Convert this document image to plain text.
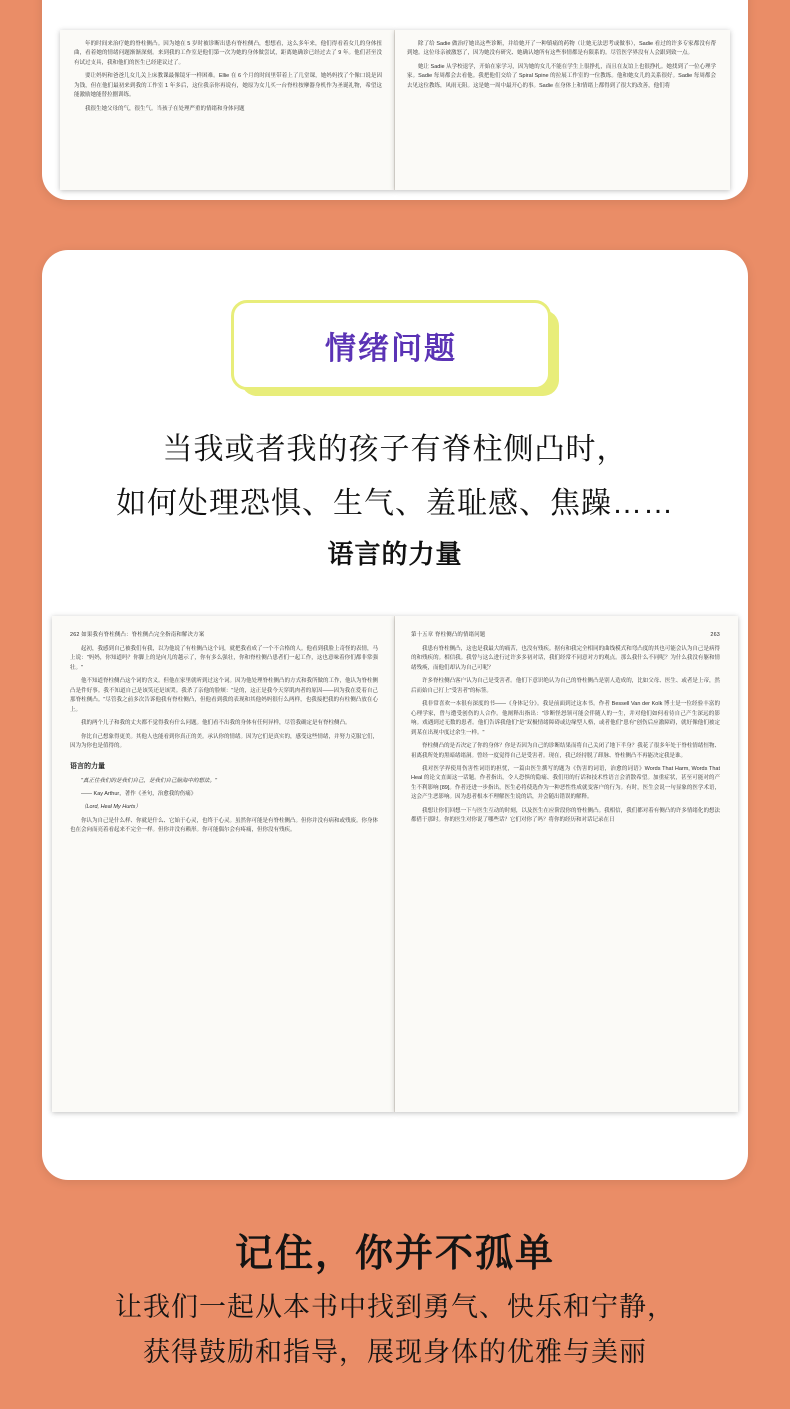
年的时间来治疗她的脊柱侧凸。因为她在 5 岁时被诊断出患有脊柱侧凸，想想看，这么多年来，他们得看着女儿的身体扭曲，看着她的情绪问题渐渐深刻。来到我的工作室是他们第一次为她的身体做尝试，距离她确诊已经过去了 9 年。他们甚至没有试过支具，我和他们的医生已经建议过了。

要让妈妈和爸爸儿女儿关上床教课最像镜牙一样困难。Ellie 在 6 个月的时间里带着上了几堂课，她妈妈找了个像口说是因为钱，但在他们最初来到我的工作室 1 年多后，这位我亲你再说有，她原为女儿买一台脊柱按摩器身机作为圣诞礼物，希望这能激励她能替拉捌训练。

我很生她父母的气，很生气。当孩子在处理严重的情绪和身体问题

除了给 Sadie 做治疗她出这些诊断，并给她开了一种镇痛的药物（让她无法思考或做事），Sadie 看过的许多专家都没有帮到她。这位母亲被激怒了，因为她没有研究、她确认她所有这些事情都是有限系的。尽管医学界没有人会跟到致一点。

她让 Sadie 从学校退学，开始在家学习，因为她的女儿不能在学生上很挣扎，而且在友谊上也很挣扎。她找到了一位心理学家。Sadie 每周都会去看他。我把他们交给了 Spiral Spine 的拉展工作室的一位教练。他和她女儿的关系很好。Sadie 每周都会去见这位教练，风雨无阻。这是她一周中最开心的事。Sadie 在身体上和情绪上都得到了很大的改善，他们将

情绪问题
当我或者我的孩子有脊柱侧凸时，
如何处理恐惧、生气、羞耻感、焦躁……
语言的力量
262 如果我有脊柱侧凸：脊柱侧凸完全指南和解决方案

起初，我感到自己被我们有我，以为他说了有柱侧凸这个词，就把我看成了一个不合格的人。他看到我脸上奇怪的表情，马上说："妈妈，你知道吗？你脚上的是向儿的越示了，你有多么强壮，你和脊柱侧凸患者们一起工作，这也意味着你们都非常强壮。"

他不知道脊柱侧凸这个词的含义。但他在家里就听到过这个词。因为他处理脊柱侧凸的方式和我所做的工作，他认为脊柱侧凸是件好事。我不知道自己是该笑还是该哭。我杀了亲他的脸颊："是的，这正是我今天穿肌肉者的原因——因为我在爱着自己那脊柱侧凸。"尽管我之前多次告诉他我有脊柱侧凸，但他看到我的表现和其他妈妈很行么两样，也我接把我的有柱侧凸放在心上。

我的两个儿子和我的丈夫都不觉得我有什么问题。他们看不出我的身体有任何异样，尽管我确定是有脊柱侧凸。

你比自己想象得更美。其他人也能看到你真正的美。承认你的情绪。因为它们是真实的，感受这些情绪，并努力克服它们，因为为你也是值得的。

语言的力量

"真正住我们的是我们自己，是我们自己脑海中的想法。"

—— Kay Arthur，著作《圣句，治愈我的伤痛》

（Lord, Heal My Hurts）

你认为自己是什么样、你就是什么、它始于心灵，也终于心灵。虽然你可能是有脊柱侧凸。但你并没有病和或残废。你身体也在会向而亮着看起来不完全一样。但你并没有赖形。你可能偶尔会有疼痛，但你没有残疾。

第十五章 脊柱侧凸的情绪问题	263

我患有脊柱侧凸，这也是我最大的痛苦，也没有残疾。据有和我完全相同的曲线模式和弯凸度的其也可能会认为自己是病得的和残疾的。相信我。我曾与这么进行过许多多初对话，我们经常不同意对方的观点。那么我什么不同呢？为什么我没有躯和情绪残痪，而他们却认为自己可呢？

许多脊柱侧凸客户认为自己是受害者。他们下意识绝认为自己的脊柱侧凸是别人造成的，比如父母、医生、或者是上帝，然后而始自己打上"受害者"的标签。

我非常喜欢一本很有深度的书——《身体记分》。我是前面到过这本书。作者 Bessell Van der Kolk 博士是一位经验丰富的心理学家，曾与遭受创伤的人合作。他阐释出指出："诊断怪怒领可能会伴随人的一生，并对他们如何看待自己产生深远的影响。戏遇到过无数的患者。他们告诉我他们"是"双极情绪障碍或边缘型人格，或者他们"患有"创伤后应激障碍，就好像他们被定到某在出现中度过余生一样。"

脊柱侧凸的是否决定了你的身体？你是否因为自己的诊断结果而将自己关闭了地下半身？我花了很多年处于脊柱情绪恒物、祖离我所处的黑暗绪绪洞。曾经一度觉得自己是受害者。现在，我已经持脱了卸脉、脊柱侧凸不再能决定我是谁。

我对医学界使用伤害性词语的担忧，一篇由医生撰写的题为《伤害的词语，治愈的词语》Words That Harm, Words That Heal 的论文直面这一话题。作者指出，令人恐惧的隐痛、我们用的行话和技术性语言会消散希望。加重症状，甚至可能对的产生不利影响 [89]。作者还进一步指出，医生必将使选作为一种恶性性成就变客户的行为。有时，医生会说一句显象的医学术语，这会产生恶影响。因为患者根本不理解医生说的话，并会随出错误的解释。

我想让你们回想一下与医生互动的时刻，以及医生在应阶段你的脊柱侧凸。我相信，我们都对着有侧凸的许多情绪化的想法都借于那时。你的医生对你说了哪些话？它们对你了吗？将你的经历和对话记录在日

记住，你并不孤单
让我们一起从本书中找到勇气、快乐和宁静，
获得鼓励和指导，展现身体的优雅与美丽
